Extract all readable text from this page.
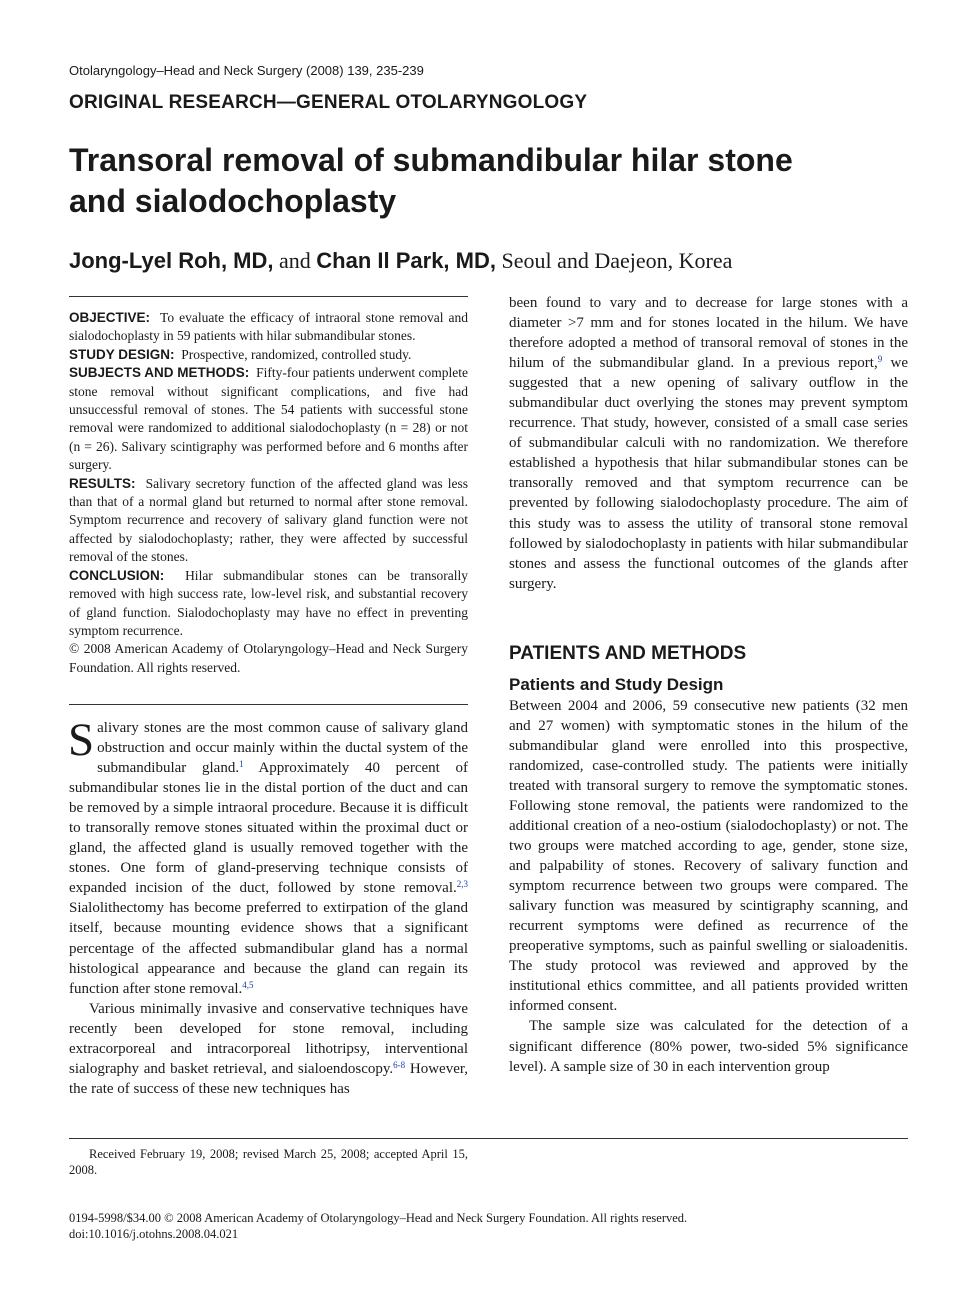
Otolaryngology–Head and Neck Surgery (2008) 139, 235-239
ORIGINAL RESEARCH—GENERAL OTOLARYNGOLOGY
Transoral removal of submandibular hilar stone
and sialodochoplasty
Jong-Lyel Roh, MD, and Chan Il Park, MD, Seoul and Daejeon, Korea

OBJECTIVE: To evaluate the efficacy of intraoral stone removal and sialodochoplasty in 59 patients with hilar submandibular stones.

STUDY DESIGN: Prospective, randomized, controlled study.

SUBJECTS AND METHODS: Fifty-four patients underwent complete stone removal without significant complications, and five had unsuccessful removal of stones. The 54 patients with successful stone removal were randomized to additional sialodochoplasty (n = 28) or not (n = 26). Salivary scintigraphy was performed before and 6 months after surgery.

RESULTS: Salivary secretory function of the affected gland was less than that of a normal gland but returned to normal after stone removal. Symptom recurrence and recovery of salivary gland function were not affected by sialodochoplasty; rather, they were affected by successful removal of the stones.

CONCLUSION: Hilar submandibular stones can be transorally removed with high success rate, low-level risk, and substantial recovery of gland function. Sialodochoplasty may have no effect in preventing symptom recurrence.

© 2008 American Academy of Otolaryngology–Head and Neck Surgery Foundation. All rights reserved.

Salivary stones are the most common cause of salivary gland obstruction and occur mainly within the ductal system of the submandibular gland.$^1$ Approximately 40 percent of submandibular stones lie in the distal portion of the duct and can be removed by a simple intraoral procedure. Because it is difficult to transorally remove stones situated within the proximal duct or gland, the affected gland is usually removed together with the stones. One form of gland-preserving technique consists of expanded incision of the duct, followed by stone removal.$^{2,3}$ Sialolithectomy has become preferred to extirpation of the gland itself, because mounting evidence shows that a significant percentage of the affected submandibular gland has a normal histological appearance and because the gland can regain its function after stone removal.$^{4,5}$

Various minimally invasive and conservative techniques have recently been developed for stone removal, including extracorporeal and intracorporeal lithotripsy, interventional sialography and basket retrieval, and sialoendoscopy.$^{6-8}$ However, the rate of success of these new techniques has

been found to vary and to decrease for large stones with a diameter >7 mm and for stones located in the hilum. We have therefore adopted a method of transoral removal of stones in the hilum of the submandibular gland. In a previous report,$^9$ we suggested that a new opening of salivary outflow in the submandibular duct overlying the stones may prevent symptom recurrence. That study, however, consisted of a small case series of submandibular calculi with no randomization. We therefore established a hypothesis that hilar submandibular stones can be transorally removed and that symptom recurrence can be prevented by following sialodochoplasty procedure. The aim of this study was to assess the utility of transoral stone removal followed by sialodochoplasty in patients with hilar submandibular stones and assess the functional outcomes of the glands after surgery.

PATIENTS AND METHODS
Patients and Study Design

Between 2004 and 2006, 59 consecutive new patients (32 men and 27 women) with symptomatic stones in the hilum of the submandibular gland were enrolled into this prospective, randomized, case-controlled study. The patients were initially treated with transoral surgery to remove the symptomatic stones. Following stone removal, the patients were randomized to the additional creation of a neo-ostium (sialodochoplasty) or not. The two groups were matched according to age, gender, stone size, and palpability of stones. Recovery of salivary function and symptom recurrence between two groups were compared. The salivary function was measured by scintigraphy scanning, and recurrent symptoms were defined as recurrence of the preoperative symptoms, such as painful swelling or sialoadenitis. The study protocol was reviewed and approved by the institutional ethics committee, and all patients provided written informed consent.

The sample size was calculated for the detection of a significant difference (80% power, two-sided 5% significance level). A sample size of 30 in each intervention group

Received February 19, 2008; revised March 25, 2008; accepted April 15, 2008.
0194-5998/$34.00 © 2008 American Academy of Otolaryngology–Head and Neck Surgery Foundation. All rights reserved.
doi:10.1016/j.otohns.2008.04.021
